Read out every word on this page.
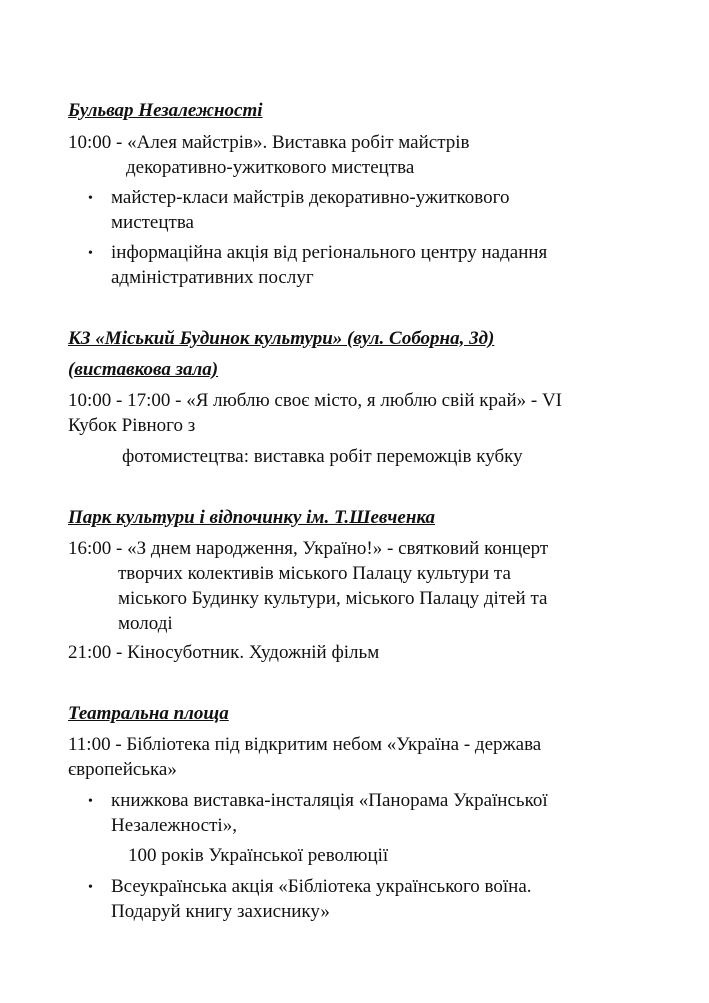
Бульвар Незалежності
10:00 - «Алея майстрів». Виставка робіт майстрів
декоративно-ужиткового мистецтва
• майстер-класи майстрів декоративно-ужиткового
мистецтва
• інформаційна акція від регіонального центру надання
адміністративних послуг
КЗ «Міський Будинок культури» (вул. Соборна, 3д)
(виставкова зала)
10:00 - 17:00 - «Я люблю своє місто, я люблю свій край» - VI
Кубок Рівного з
фотомистецтва: виставка робіт переможців кубку
Парк культури і відпочинку ім. Т.Шевченка
16:00 - «З днем народження, Україно!» - святковий концерт
творчих колективів міського Палацу культури та
міського Будинку культури, міського Палацу дітей та
молоді
21:00 - Кіносуботник. Художній фільм
Театральна площа
11:00 - Бібліотека під відкритим небом «Україна - держава
європейська»
• книжкова виставка-інсталяція «Панорама Української
Незалежності»,
100 років Української революції
• Всеукраїнська акція «Бібліотека українського воїна.
Подаруй книгу захиснику»
